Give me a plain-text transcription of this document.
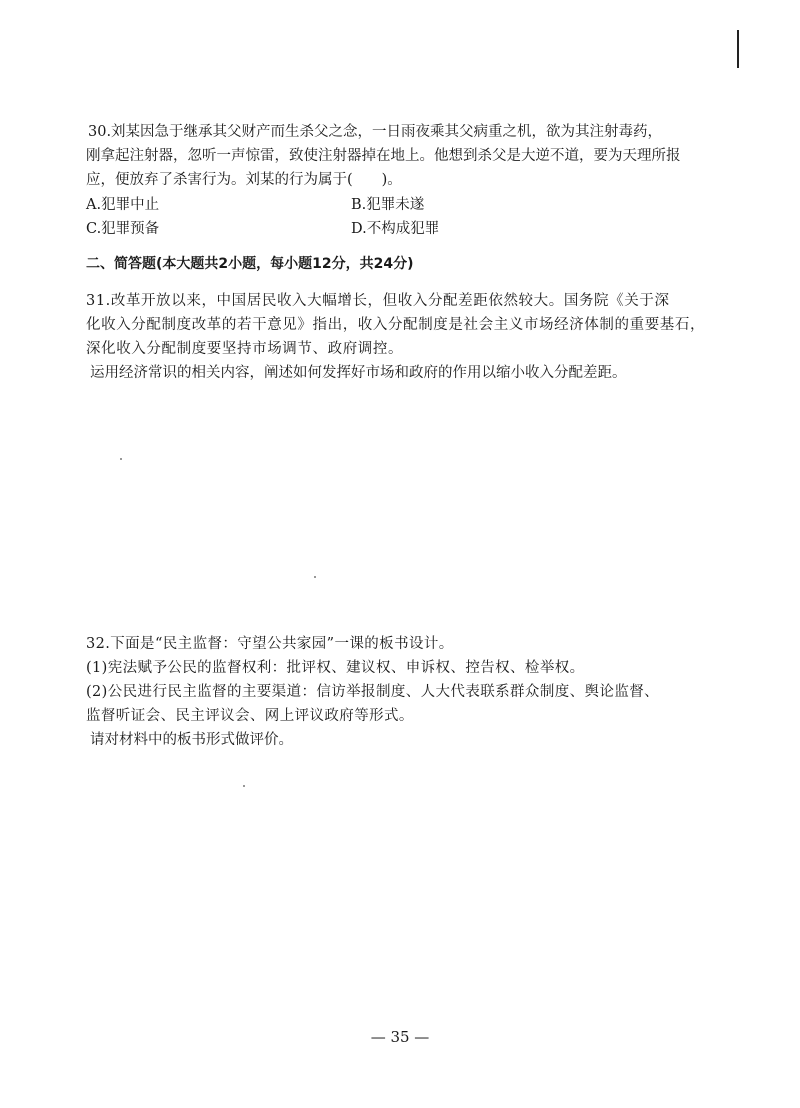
30.刘某因急于继承其父财产而生杀父之念，一日雨夜乘其父病重之机，欲为其注射毒药，
刚拿起注射器，忽听一声惊雷，致使注射器掉在地上。他想到杀父是大逆不道，要为天理所报
应，便放弃了杀害行为。刘某的行为属于(　　)。
A.犯罪中止	B.犯罪未遂
C.犯罪预备	D.不构成犯罪
二、简答题(本大题共2小题，每小题12分，共24分)
31.改革开放以来，中国居民收入大幅增长，但收入分配差距依然较大。国务院《关于深
化收入分配制度改革的若干意见》指出，收入分配制度是社会主义市场经济体制的重要基石，
深化收入分配制度要坚持市场调节、政府调控。
运用经济常识的相关内容，阐述如何发挥好市场和政府的作用以缩小收入分配差距。
32.下面是“民主监督：守望公共家园”一课的板书设计。
(1)宪法赋予公民的监督权利：批评权、建议权、申诉权、控告权、检举权。
(2)公民进行民主监督的主要渠道：信访举报制度、人大代表联系群众制度、舆论监督、
监督听证会、民主评议会、网上评议政府等形式。
请对材料中的板书形式做评价。
— 35 —
